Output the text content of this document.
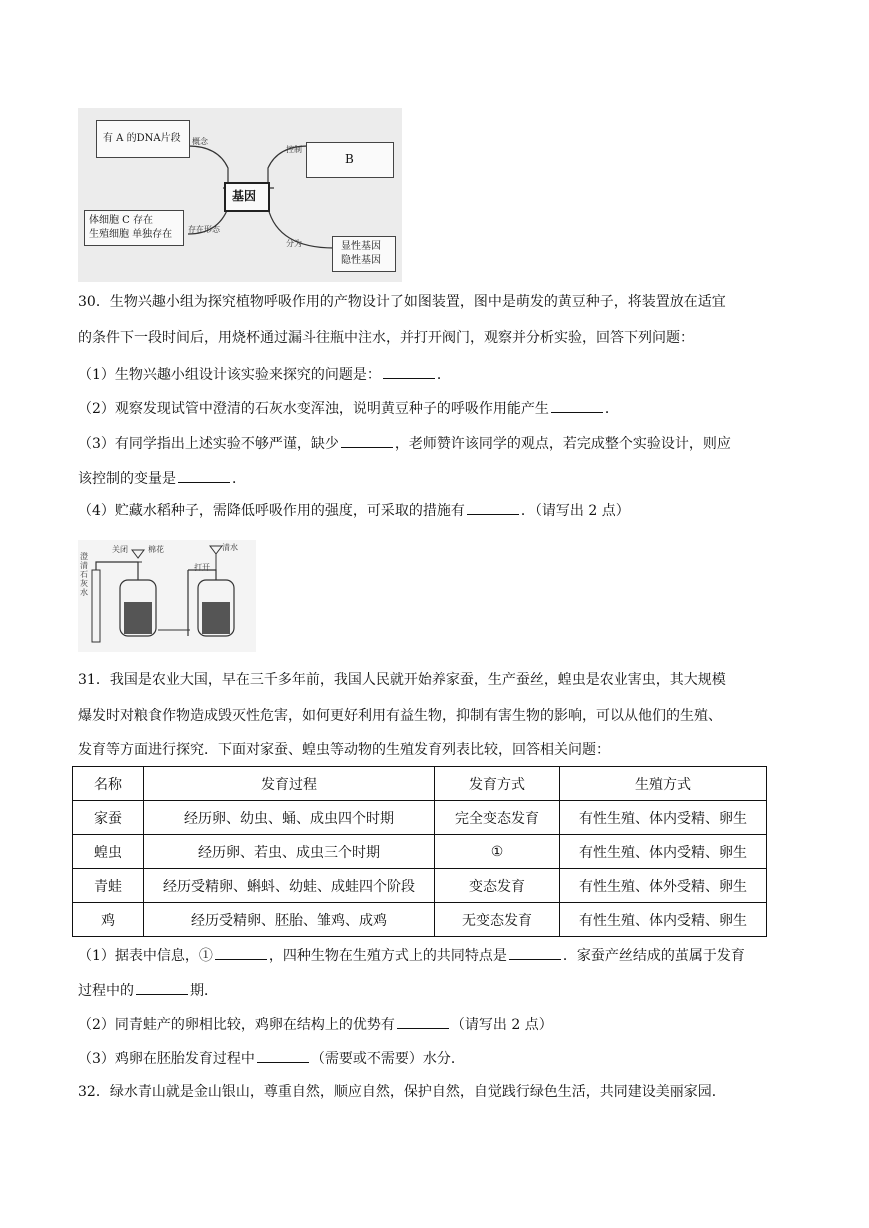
有 A 的DNA片段
B
基因
体细胞 C 存在
生殖细胞 单独存在
显性基因
隐性基因
概念
控制
存在形态
分为
30．生物兴趣小组为探究植物呼吸作用的产物设计了如图装置，图中是萌发的黄豆种子，将装置放在适宜
的条件下一段时间后，用烧杯通过漏斗往瓶中注水，并打开阀门，观察并分析实验，回答下列问题：
（1）生物兴趣小组设计该实验来探究的问题是：	．
（2）观察发现试管中澄清的石灰水变浑浊，说明黄豆种子的呼吸作用能产生	．
（3）有同学指出上述实验不够严谨，缺少	，老师赞许该同学的观点，若完成整个实验设计，则应
该控制的变量是	．
（4）贮藏水稻种子，需降低呼吸作用的强度，可采取的措施有	．（请写出 2 点）
澄清石灰水
关闭	棉花	清水
打开
31．我国是农业大国，早在三千多年前，我国人民就开始养家蚕，生产蚕丝，蝗虫是农业害虫，其大规模
爆发时对粮食作物造成毁灭性危害，如何更好利用有益生物，抑制有害生物的影响，可以从他们的生殖、
发育等方面进行探究．下面对家蚕、蝗虫等动物的生殖发育列表比较，回答相关问题：
名称	发育过程	发育方式	生殖方式
家蚕	经历卵、幼虫、蛹、成虫四个时期	完全变态发育	有性生殖、体内受精、卵生
蝗虫	经历卵、若虫、成虫三个时期	①	有性生殖、体内受精、卵生
青蛙	经历受精卵、蝌蚪、幼蛙、成蛙四个阶段	变态发育	有性生殖、体外受精、卵生
鸡	经历受精卵、胚胎、雏鸡、成鸡	无变态发育	有性生殖、体内受精、卵生
（1）据表中信息，①	，四种生物在生殖方式上的共同特点是	．家蚕产丝结成的茧属于发育
过程中的	期．
（2）同青蛙产的卵相比较，鸡卵在结构上的优势有	（请写出 2 点）
（3）鸡卵在胚胎发育过程中	（需要或不需要）水分．
32．绿水青山就是金山银山，尊重自然，顺应自然，保护自然，自觉践行绿色生活，共同建设美丽家园．
